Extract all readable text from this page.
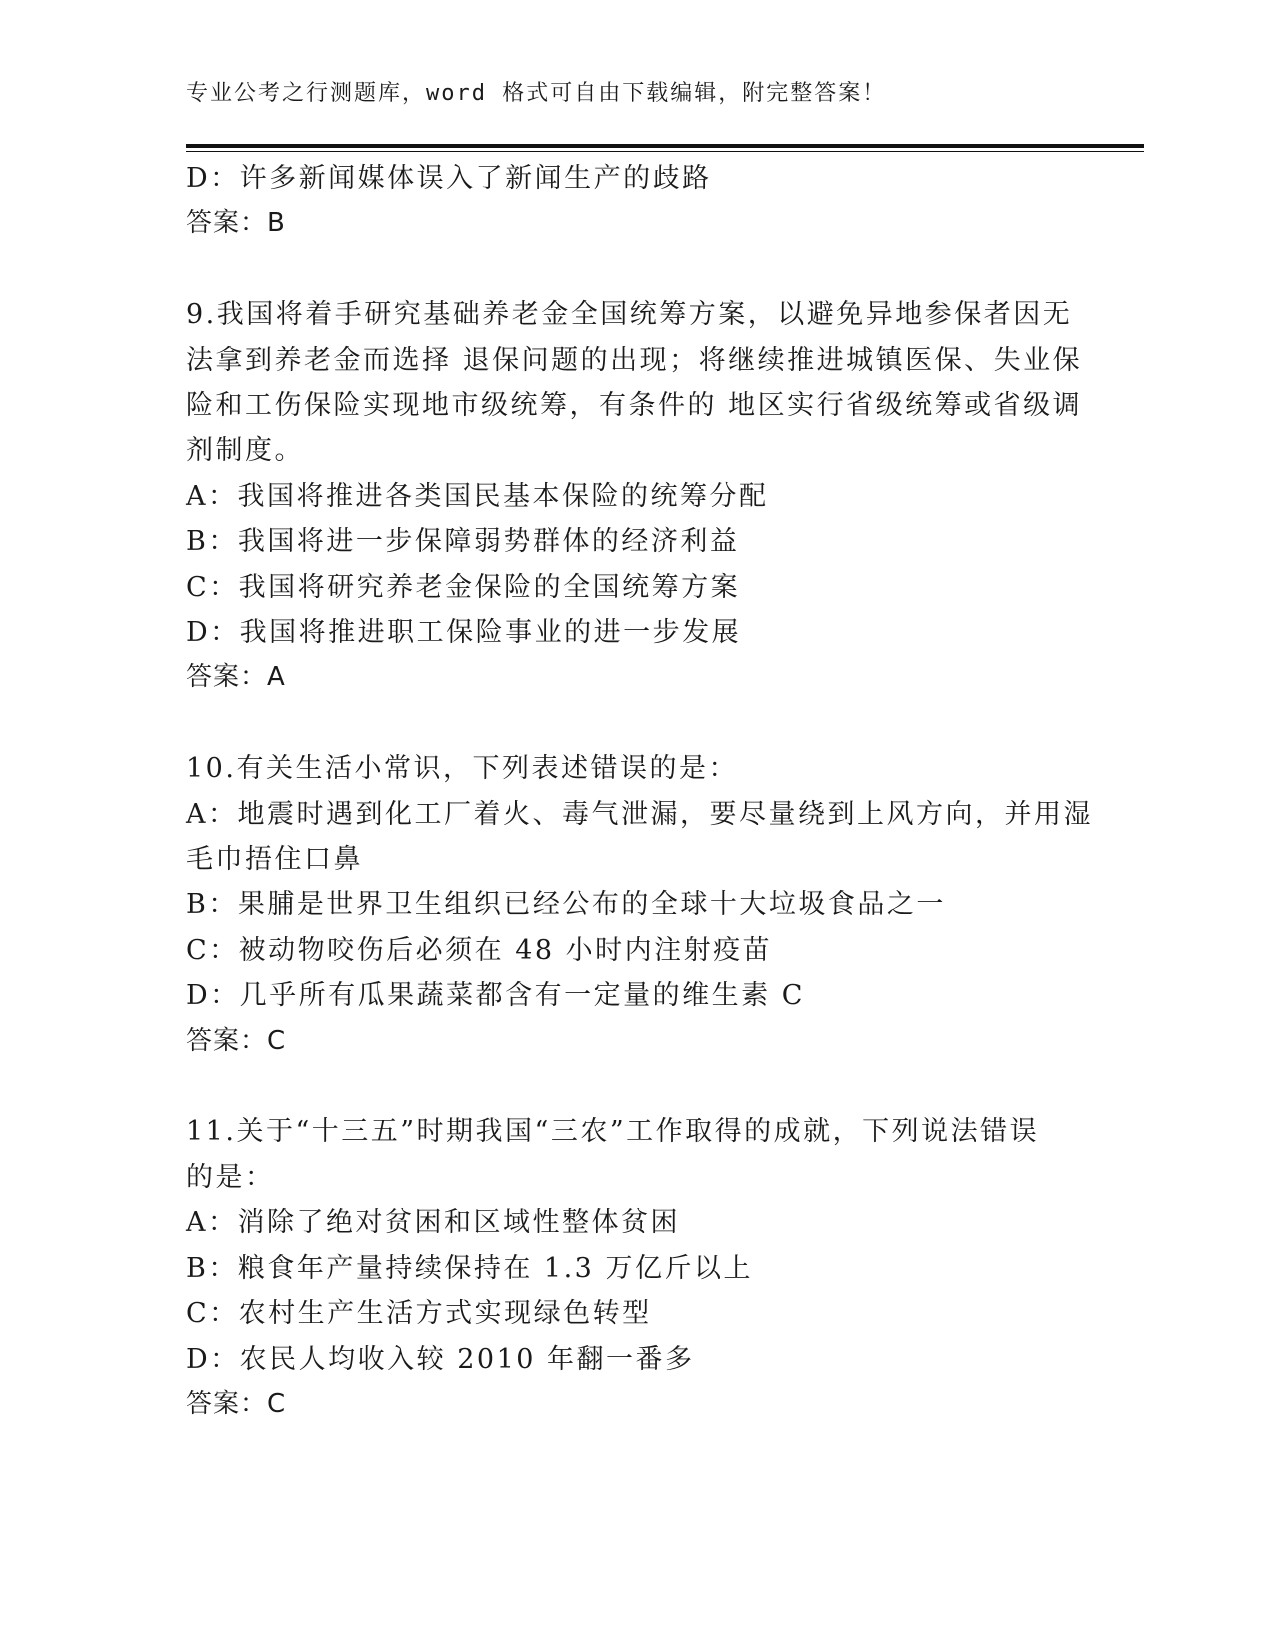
专业公考之行测题库，word 格式可自由下载编辑，附完整答案！
D：许多新闻媒体误入了新闻生产的歧路
答案：B
9.我国将着手研究基础养老金全国统筹方案，以避免异地参保者因无
法拿到养老金而选择 退保问题的出现；将继续推进城镇医保、失业保
险和工伤保险实现地市级统筹，有条件的 地区实行省级统筹或省级调
剂制度。
A：我国将推进各类国民基本保险的统筹分配
B：我国将进一步保障弱势群体的经济利益
C：我国将研究养老金保险的全国统筹方案
D：我国将推进职工保险事业的进一步发展
答案：A
10.有关生活小常识，下列表述错误的是：
A：地震时遇到化工厂着火、毒气泄漏，要尽量绕到上风方向，并用湿
毛巾捂住口鼻
B：果脯是世界卫生组织已经公布的全球十大垃圾食品之一
C：被动物咬伤后必须在 48 小时内注射疫苗
D：几乎所有瓜果蔬菜都含有一定量的维生素 C
答案：C
11.关于“十三五”时期我国“三农”工作取得的成就，下列说法错误
的是：
A：消除了绝对贫困和区域性整体贫困
B：粮食年产量持续保持在 1.3 万亿斤以上
C：农村生产生活方式实现绿色转型
D：农民人均收入较 2010 年翻一番多
答案：C
